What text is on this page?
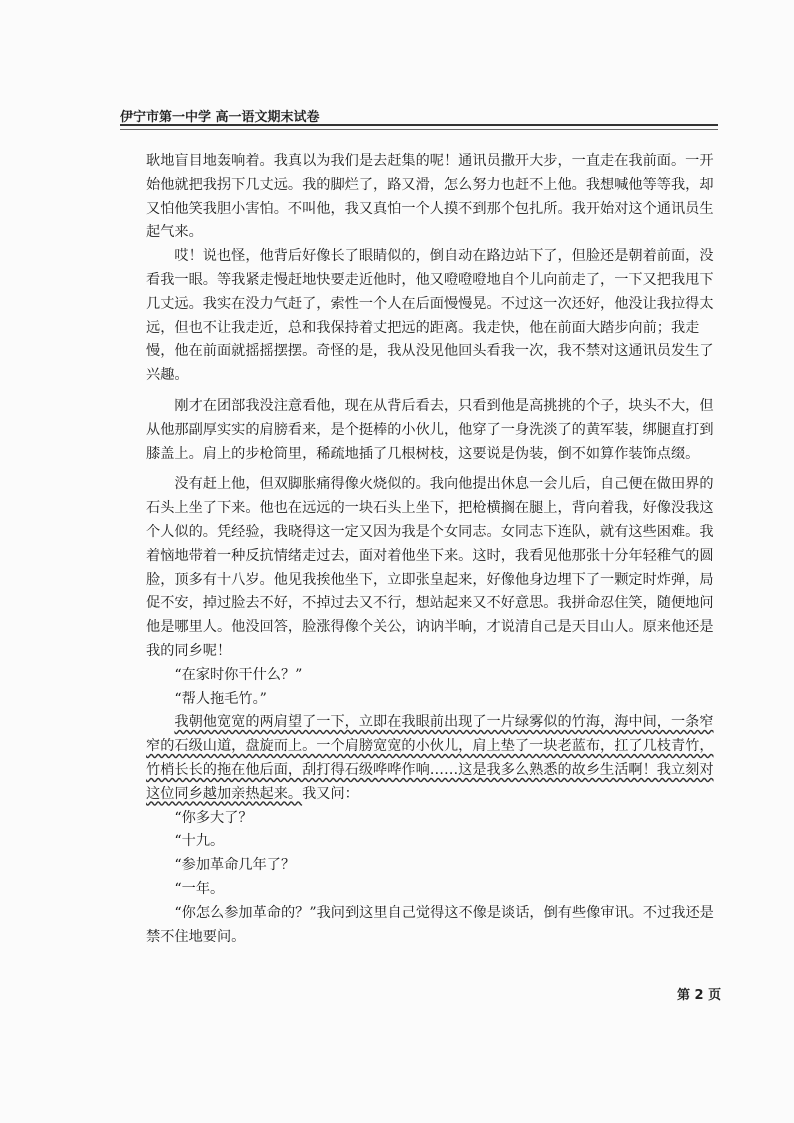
伊宁市第一中学 高一语文期末试卷

耿地盲目地轰响着。我真以为我们是去赶集的呢！通讯员撒开大步，一直走在我前面。一开始他就把我拐下几丈远。我的脚烂了，路又滑，怎么努力也赶不上他。我想喊他等等我，却又怕他笑我胆小害怕。不叫他，我又真怕一个人摸不到那个包扎所。我开始对这个通讯员生起气来。

哎！说也怪，他背后好像长了眼睛似的，倒自动在路边站下了，但脸还是朝着前面，没看我一眼。等我紧走慢赶地快要走近他时，他又噔噔噔地自个儿向前走了，一下又把我甩下几丈远。我实在没力气赶了，索性一个人在后面慢慢晃。不过这一次还好，他没让我拉得太远，但也不让我走近，总和我保持着丈把远的距离。我走快，他在前面大踏步向前；我走慢，他在前面就摇摇摆摆。奇怪的是，我从没见他回头看我一次，我不禁对这通讯员发生了兴趣。

刚才在团部我没注意看他，现在从背后看去，只看到他是高挑挑的个子，块头不大，但从他那副厚实实的肩膀看来，是个挺棒的小伙儿，他穿了一身洗淡了的黄军装，绑腿直打到膝盖上。肩上的步枪筒里，稀疏地插了几根树枝，这要说是伪装，倒不如算作装饰点缀。

没有赶上他，但双脚胀痛得像火烧似的。我向他提出休息一会儿后，自己便在做田界的石头上坐了下来。他也在远远的一块石头上坐下，把枪横搁在腿上，背向着我，好像没我这个人似的。凭经验，我晓得这一定又因为我是个女同志。女同志下连队，就有这些困难。我着恼地带着一种反抗情绪走过去，面对着他坐下来。这时，我看见他那张十分年轻稚气的圆脸，顶多有十八岁。他见我挨他坐下，立即张皇起来，好像他身边埋下了一颗定时炸弹，局促不安，掉过脸去不好，不掉过去又不行，想站起来又不好意思。我拼命忍住笑，随便地问他是哪里人。他没回答，脸涨得像个关公，讷讷半晌，才说清自己是天目山人。原来他还是我的同乡呢！

“在家时你干什么？”

“帮人拖毛竹。”

我朝他宽宽的两肩望了一下，立即在我眼前出现了一片绿雾似的竹海，海中间，一条窄窄的石级山道，盘旋而上。一个肩膀宽宽的小伙儿，肩上垫了一块老蓝布，扛了几枝青竹，竹梢长长的拖在他后面，刮打得石级哗哗作响……这是我多么熟悉的故乡生活啊！我立刻对这位同乡越加亲热起来。我又问：

“你多大了？

“十九。

“参加革命几年了？

“一年。

“你怎么参加革命的？”我问到这里自己觉得这不像是谈话，倒有些像审讯。不过我还是禁不住地要问。

第 2 页
